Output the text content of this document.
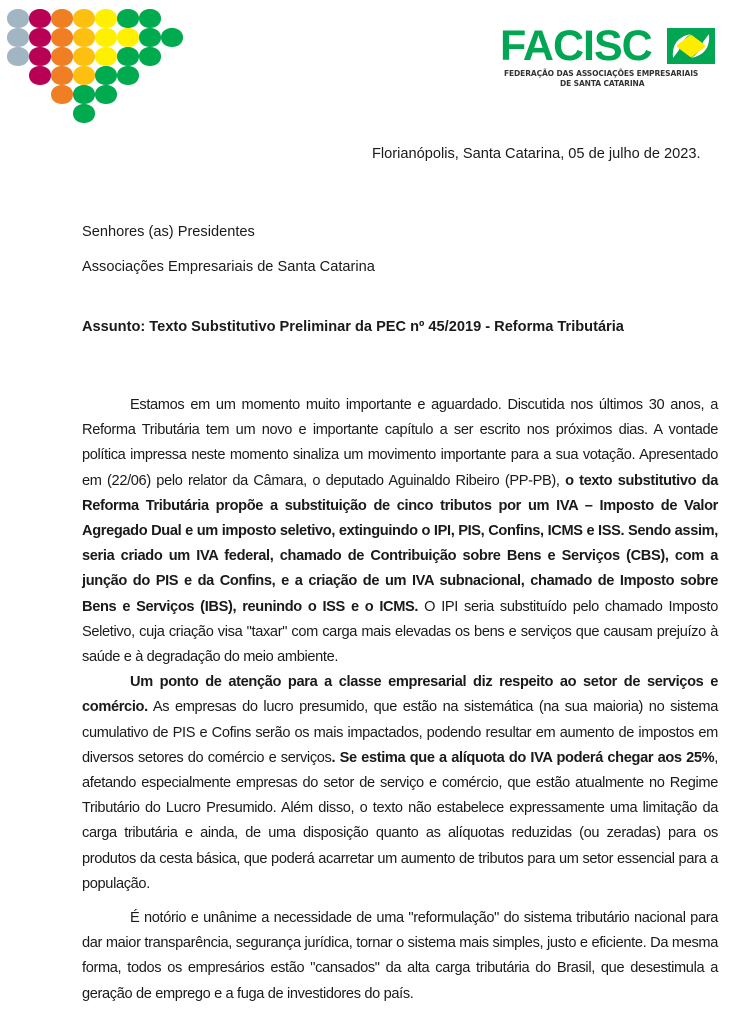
FACISC
FEDERAÇÃO DAS ASSOCIAÇÕES EMPRESARIAIS
DE SANTA CATARINA
Florianópolis, Santa Catarina, 05 de julho de 2023.
Senhores (as) Presidentes
Associações Empresariais de Santa Catarina
Assunto: Texto Substitutivo Preliminar da PEC nº 45/2019 - Reforma Tributária

Estamos em um momento muito importante e aguardado. Discutida nos últimos 30 anos, a Reforma Tributária tem um novo e importante capítulo a ser escrito nos próximos dias. A vontade política impressa neste momento sinaliza um movimento importante para a sua votação. Apresentado em (22/06) pelo relator da Câmara, o deputado Aguinaldo Ribeiro (PP-PB), o texto substitutivo da Reforma Tributária propõe a substituição de cinco tributos por um IVA – Imposto de Valor Agregado Dual e um imposto seletivo, extinguindo o IPI, PIS, Confins, ICMS e ISS. Sendo assim, seria criado um IVA federal, chamado de Contribuição sobre Bens e Serviços (CBS), com a junção do PIS e da Confins, e a criação de um IVA subnacional, chamado de Imposto sobre Bens e Serviços (IBS), reunindo o ISS e o ICMS. O IPI seria substituído pelo chamado Imposto Seletivo, cuja criação visa "taxar" com carga mais elevadas os bens e serviços que causam prejuízo à saúde e à degradação do meio ambiente.

Um ponto de atenção para a classe empresarial diz respeito ao setor de serviços e comércio. As empresas do lucro presumido, que estão na sistemática (na sua maioria) no sistema cumulativo de PIS e Cofins serão os mais impactados, podendo resultar em aumento de impostos em diversos setores do comércio e serviços. Se estima que a alíquota do IVA poderá chegar aos 25%, afetando especialmente empresas do setor de serviço e comércio, que estão atualmente no Regime Tributário do Lucro Presumido. Além disso, o texto não estabelece expressamente uma limitação da carga tributária e ainda, de uma disposição quanto as alíquotas reduzidas (ou zeradas) para os produtos da cesta básica, que poderá acarretar um aumento de tributos para um setor essencial para a população.

É notório e unânime a necessidade de uma "reformulação" do sistema tributário nacional para dar maior transparência, segurança jurídica, tornar o sistema mais simples, justo e eficiente. Da mesma forma, todos os empresários estão "cansados" da alta carga tributária do Brasil, que desestimula a geração de emprego e a fuga de investidores do país.
